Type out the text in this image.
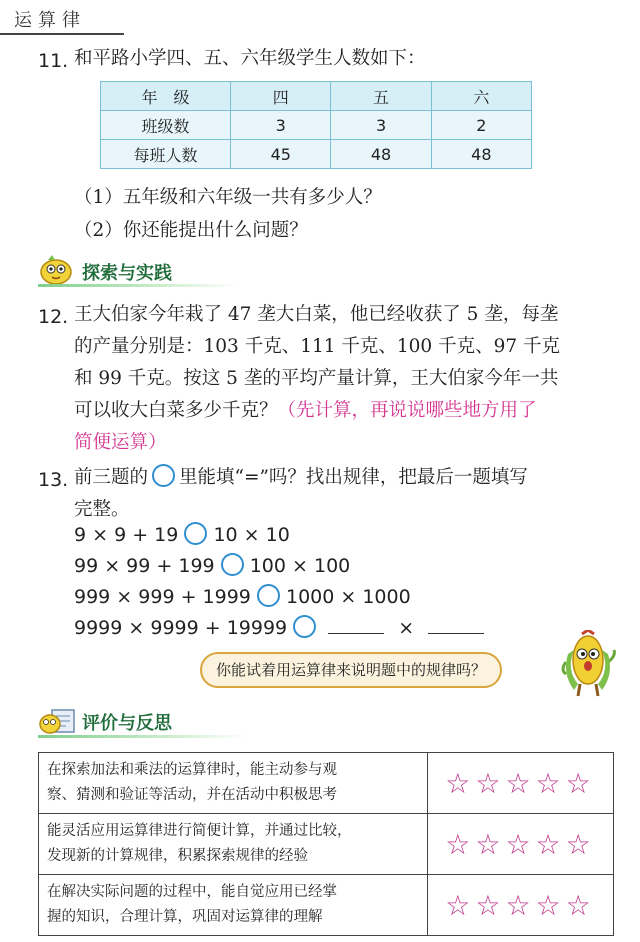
运算律
11. 和平路小学四、五、六年级学生人数如下：
年　级	四	五	六
班级数	3	3	2
每班人数	45	48	48
（1）五年级和六年级一共有多少人？
（2）你还能提出什么问题？
探索与实践
12. 王大伯家今年栽了 47 垄大白菜，他已经收获了 5 垄，每垄
的产量分别是：103 千克、111 千克、100 千克、97 千克
和 99 千克。按这 5 垄的平均产量计算，王大伯家今年一共
可以收大白菜多少千克？（先计算，再说说哪些地方用了
简便运算）
13. 前三题的 里能填“=”吗？找出规律，把最后一题填写
完整。
9 × 9 + 19 10 × 10
99 × 99 + 199 100 × 100
999 × 999 + 1999 1000 × 1000
9999 × 9999 + 19999	×
你能试着用运算律来说明题中的规律吗？
评价与反思
在探索加法和乘法的运算律时，能主动参与观
察、猜测和验证等活动，并在活动中积极思考	☆☆☆☆☆

能灵活应用运算律进行简便计算，并通过比较，
发现新的计算规律，积累探索规律的经验	☆☆☆☆☆

在解决实际问题的过程中，能自觉应用已经掌
握的知识，合理计算，巩固对运算律的理解	☆☆☆☆☆
